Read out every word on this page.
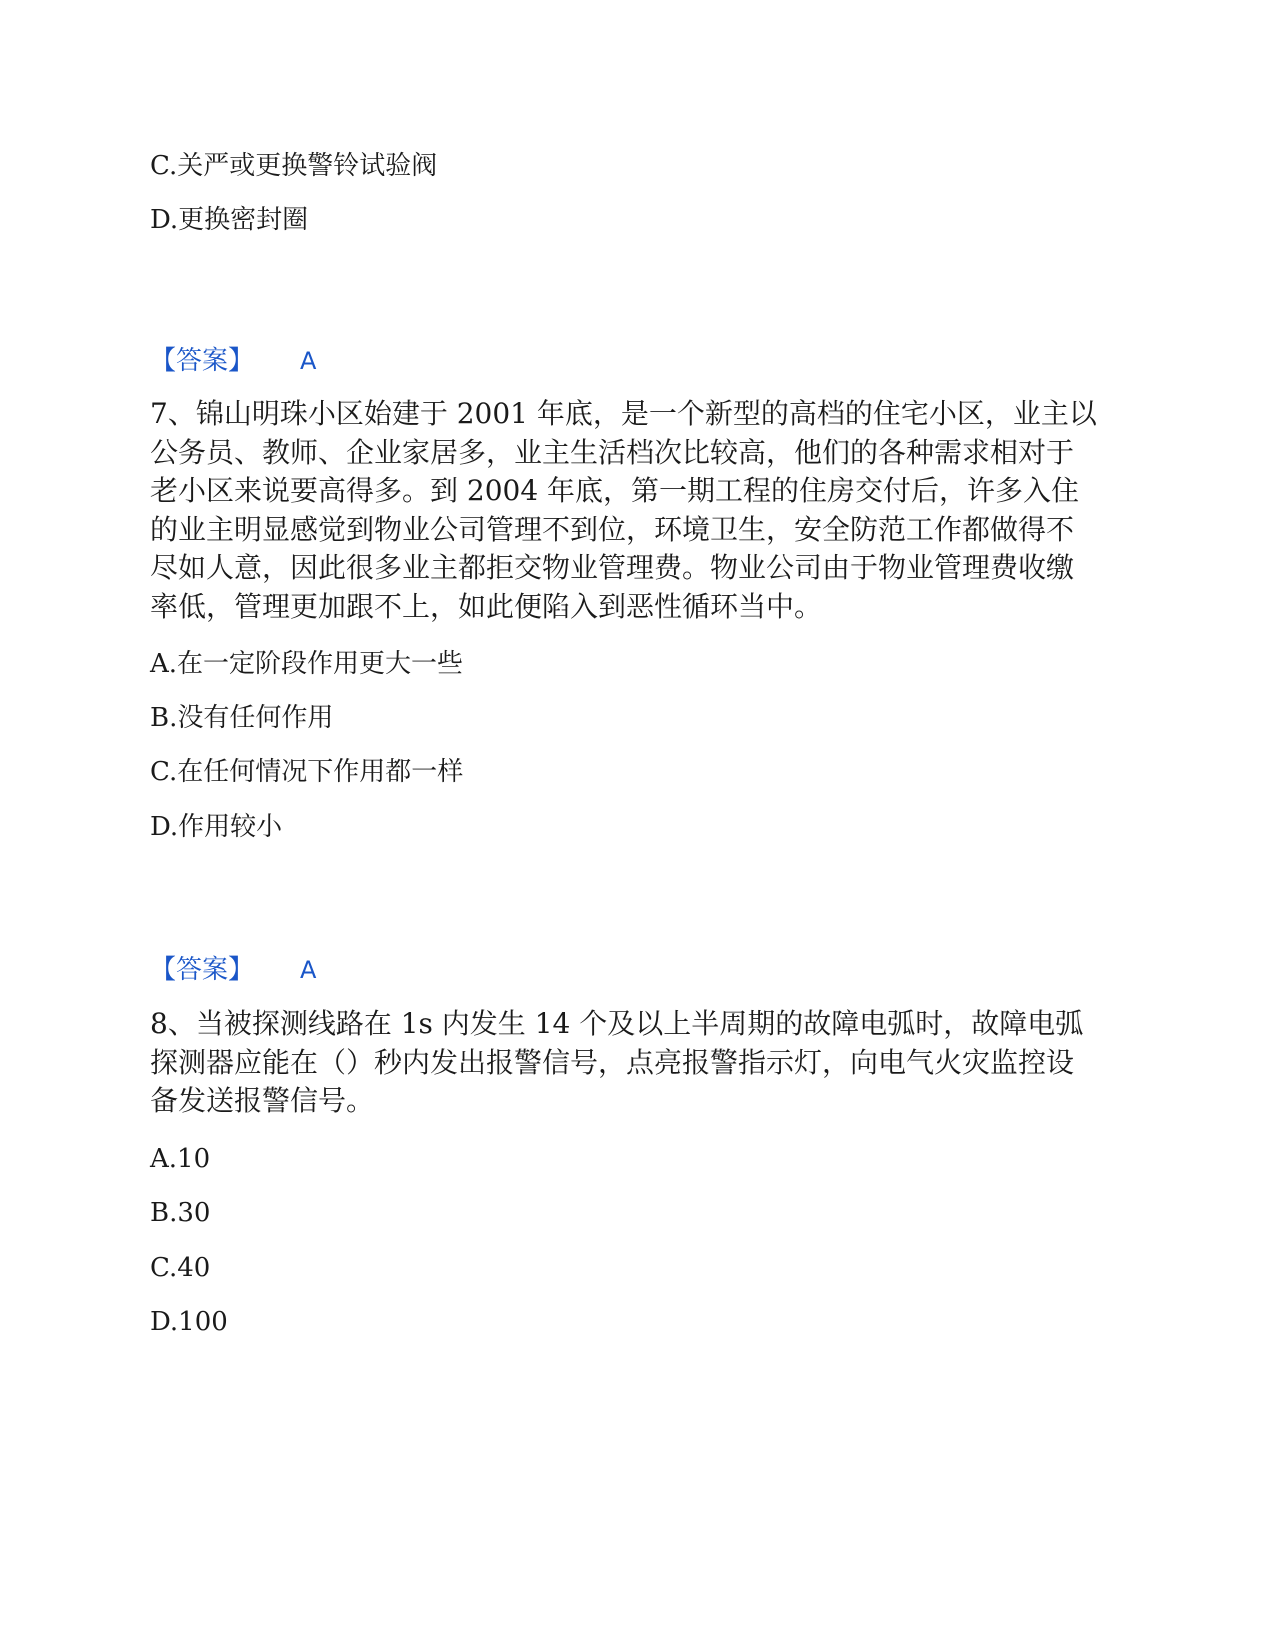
C.关严或更换警铃试验阀
D.更换密封圈
【答案】 A
7、锦山明珠小区始建于 2001 年底，是一个新型的高档的住宅小区，业主以
公务员、教师、企业家居多，业主生活档次比较高，他们的各种需求相对于
老小区来说要高得多。到 2004 年底，第一期工程的住房交付后，许多入住
的业主明显感觉到物业公司管理不到位，环境卫生，安全防范工作都做得不
尽如人意，因此很多业主都拒交物业管理费。物业公司由于物业管理费收缴
率低，管理更加跟不上，如此便陷入到恶性循环当中。
A.在一定阶段作用更大一些
B.没有任何作用
C.在任何情况下作用都一样
D.作用较小
【答案】 A
8、当被探测线路在 1s 内发生 14 个及以上半周期的故障电弧时，故障电弧
探测器应能在（）秒内发出报警信号，点亮报警指示灯，向电气火灾监控设
备发送报警信号。
A.10
B.30
C.40
D.100
